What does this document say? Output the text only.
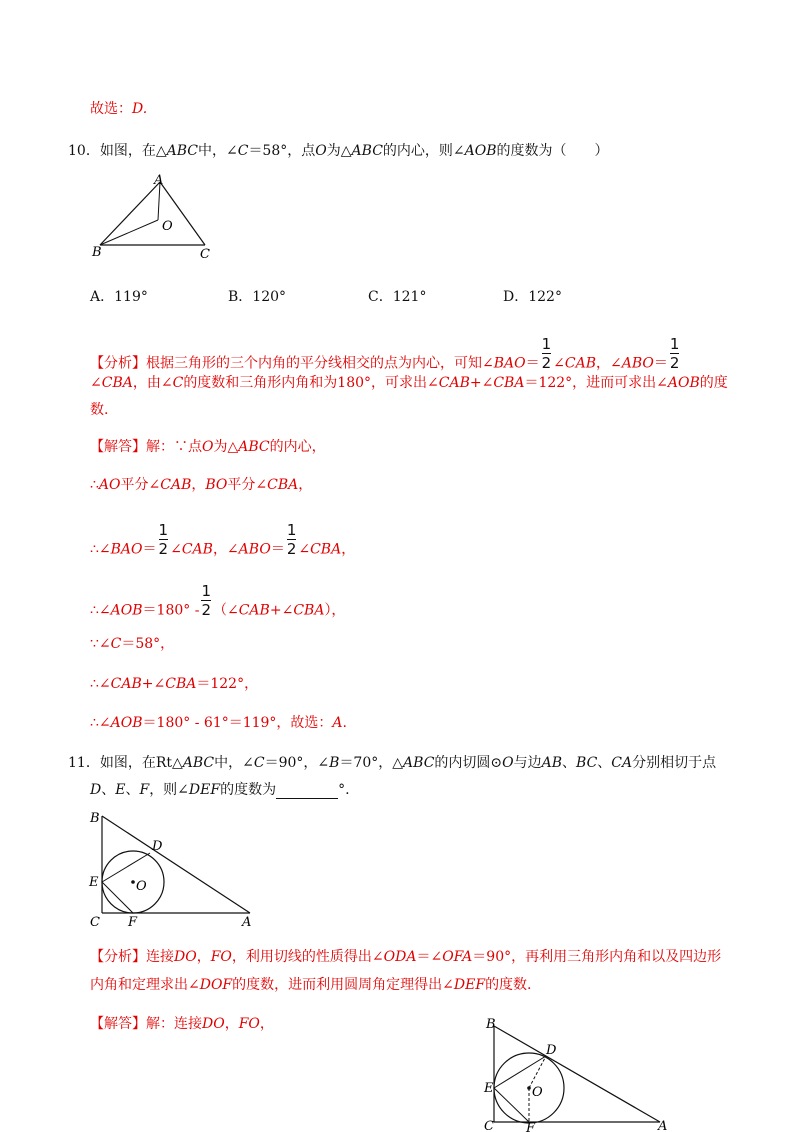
故选：D.
10．如图，在△ABC中，∠C＝58°，点O为△ABC的内心，则∠AOB的度数为（　　）
A
O
B	C
A．119°	B．120°	C．121°	D．122°
【分析】根据三角形的三个内角的平分线相交的点为内心，可知∠BAO＝ $\frac{1}{2}$ ∠CAB，∠ABO＝ $\frac{1}{2}$
∠CBA，由∠C的度数和三角形内角和为180°，可求出∠CAB+∠CBA＝122°，进而可求出∠AOB的度
数.
【解答】解：∵点O为△ABC的内心，
∴AO平分∠CAB，BO平分∠CBA，
∴∠BAO＝ $\frac{1}{2}$ ∠CAB，∠ABO＝ $\frac{1}{2}$ ∠CBA，
∴∠AOB＝180° - $\frac{1}{2}$ （∠CAB+∠CBA），
∵∠C＝58°，
∴∠CAB+∠CBA＝122°，
∴∠AOB＝180° - 61°＝119°，故选：A.
11．如图，在Rt△ABC中，∠C＝90°，∠B＝70°，△ABC的内切圆⊙O与边AB、BC、CA分别相切于点
D、E、F，则∠DEF的度数为	°.
B
D
E	O
C F	A
【分析】连接DO，FO，利用切线的性质得出∠ODA＝∠OFA＝90°，再利用三角形内角和以及四边形
内角和定理求出∠DOF的度数，进而利用圆周角定理得出∠DEF的度数.
【解答】解：连接DO，FO，	B
D
E	O
C F	A
